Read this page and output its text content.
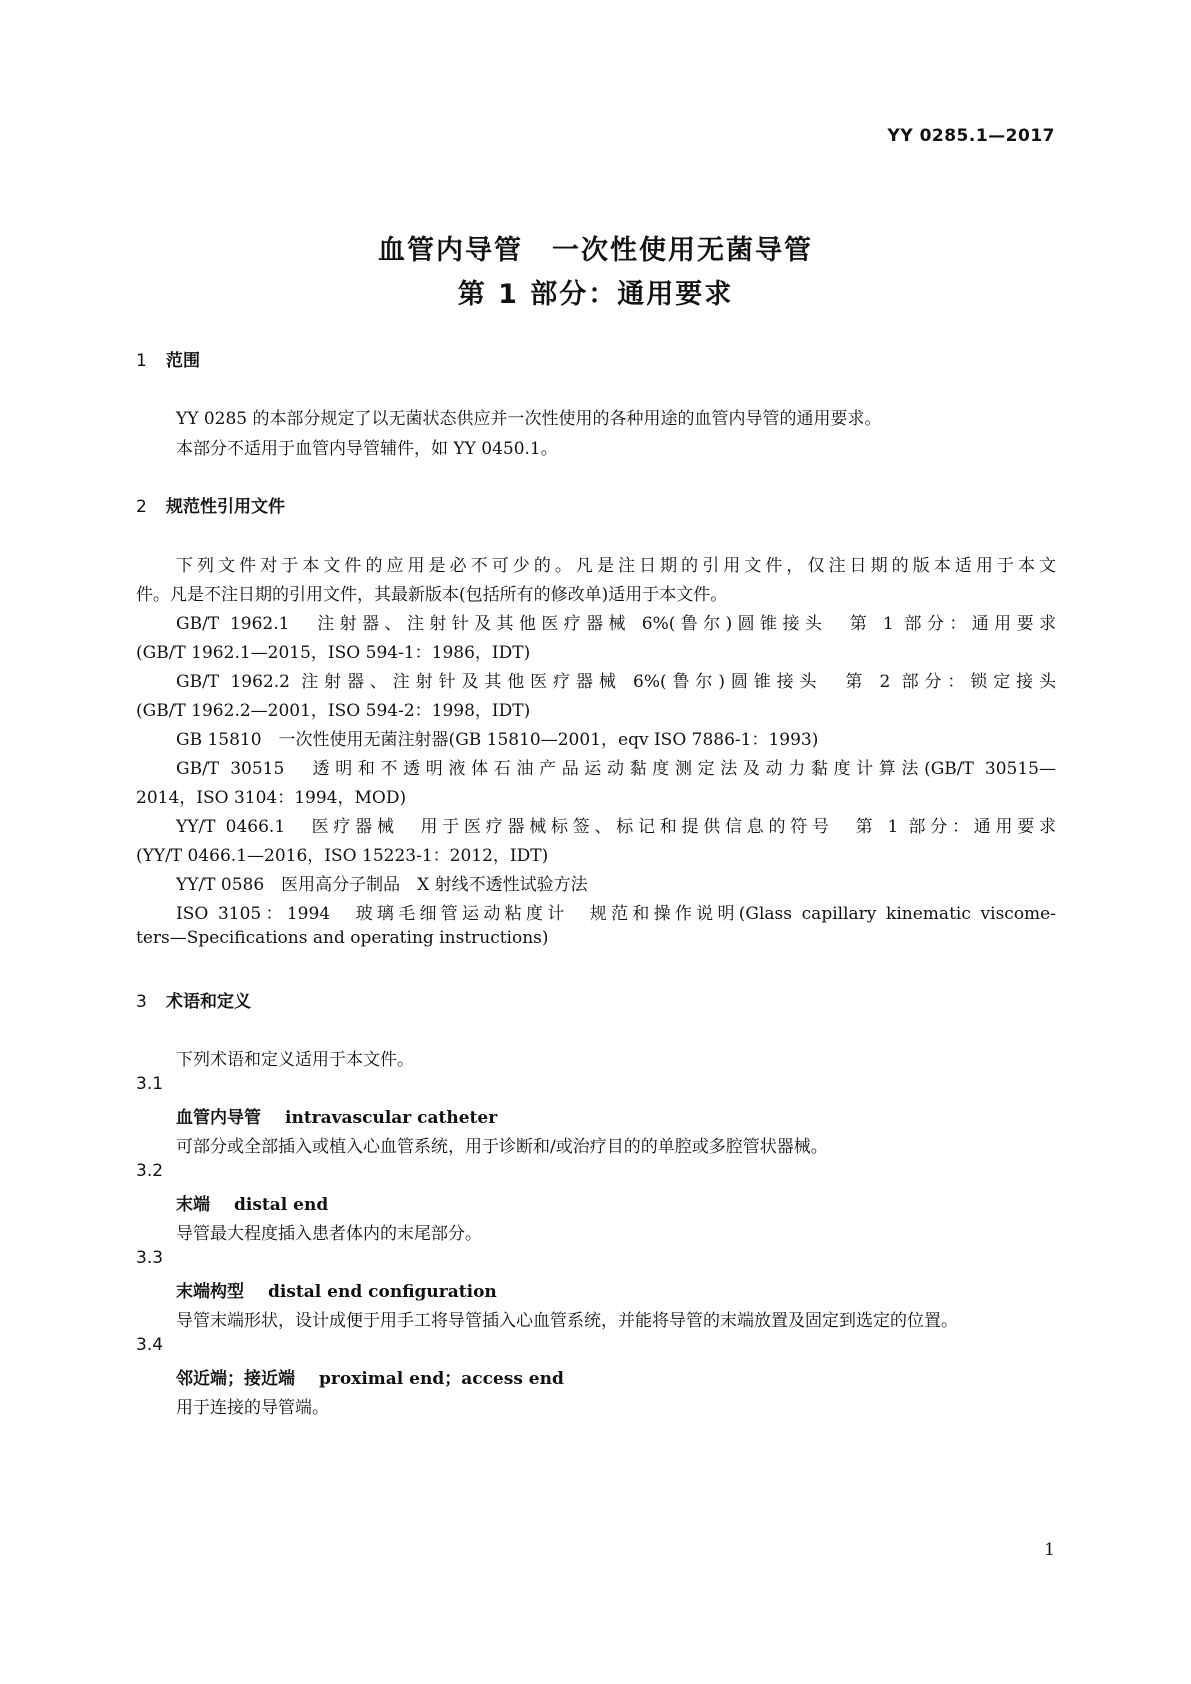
YY 0285.1—2017
血管内导管　一次性使用无菌导管
第 1 部分：通用要求
1 范围
YY 0285 的本部分规定了以无菌状态供应并一次性使用的各种用途的血管内导管的通用要求。
本部分不适用于血管内导管辅件，如 YY 0450.1。
2 规范性引用文件
下列文件对于本文件的应用是必不可少的。凡是注日期的引用文件，仅注日期的版本适用于本文
件。凡是不注日期的引用文件，其最新版本(包括所有的修改单)适用于本文件。
GB/T 1962.1　注射器、注射针及其他医疗器械 6%(鲁尔)圆锥接头　第 1 部分：通用要求
(GB/T 1962.1—2015，ISO 594-1：1986，IDT)
GB/T 1962.2 注射器、注射针及其他医疗器械 6%(鲁尔)圆锥接头　第 2 部分：锁定接头
(GB/T 1962.2—2001，ISO 594-2：1998，IDT)
GB 15810　一次性使用无菌注射器(GB 15810—2001，eqv ISO 7886-1：1993)
GB/T 30515　透明和不透明液体石油产品运动黏度测定法及动力黏度计算法(GB/T 30515—
2014，ISO 3104：1994，MOD)
YY/T 0466.1　医疗器械　用于医疗器械标签、标记和提供信息的符号　第 1 部分：通用要求
(YY/T 0466.1—2016，ISO 15223-1：2012，IDT)
YY/T 0586　医用高分子制品　X 射线不透性试验方法
ISO 3105：1994　玻璃毛细管运动粘度计　规范和操作说明(Glass capillary kinematic viscome-
ters—Specifications and operating instructions)
3 术语和定义
下列术语和定义适用于本文件。
3.1
血管内导管 intravascular catheter
可部分或全部插入或植入心血管系统，用于诊断和/或治疗目的的单腔或多腔管状器械。
3.2
末端 distal end
导管最大程度插入患者体内的末尾部分。
3.3
末端构型 distal end configuration
导管末端形状，设计成便于用手工将导管插入心血管系统，并能将导管的末端放置及固定到选定的位置。
3.4
邻近端；接近端 proximal end；access end
用于连接的导管端。
1
